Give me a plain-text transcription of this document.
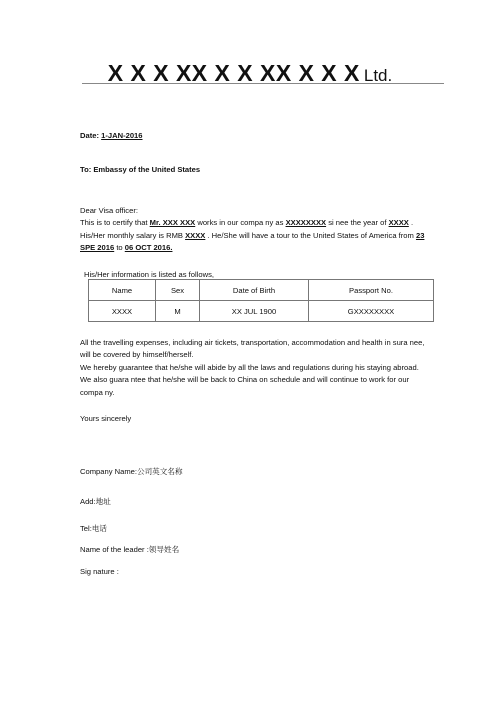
X X X XX X X XX X X X Ltd.
Date: 1-JAN-2016
To: Embassy of the United States
Dear Visa officer:
This is to certify that Mr. XXX XXX works in our compa ny as XXXXXXXX si nee the year of XXXX .
His/Her monthly salary is RMB XXXX . He/She will have a tour to the United States of America from 23
SPE 2016 to 06 OCT 2016.
His/Her information is listed as follows,
Name	Sex	Date of Birth	Passport No.
XXXX	M	XX JUL 1900	GXXXXXXXX
All the travelling expenses, including air tickets, transportation, accommodation and health in sura nee,
will be covered by himself/herself.
We hereby guarantee that he/she will abide by all the laws and regulations during his staying abroad.
We also guara ntee that he/she will be back to China on schedule and will continue to work for our
compa ny.
Yours sincerely
Company Name:公司英文名称
Add:地址
Tel:电话
Name of the leader :领导姓名
Sig nature :
